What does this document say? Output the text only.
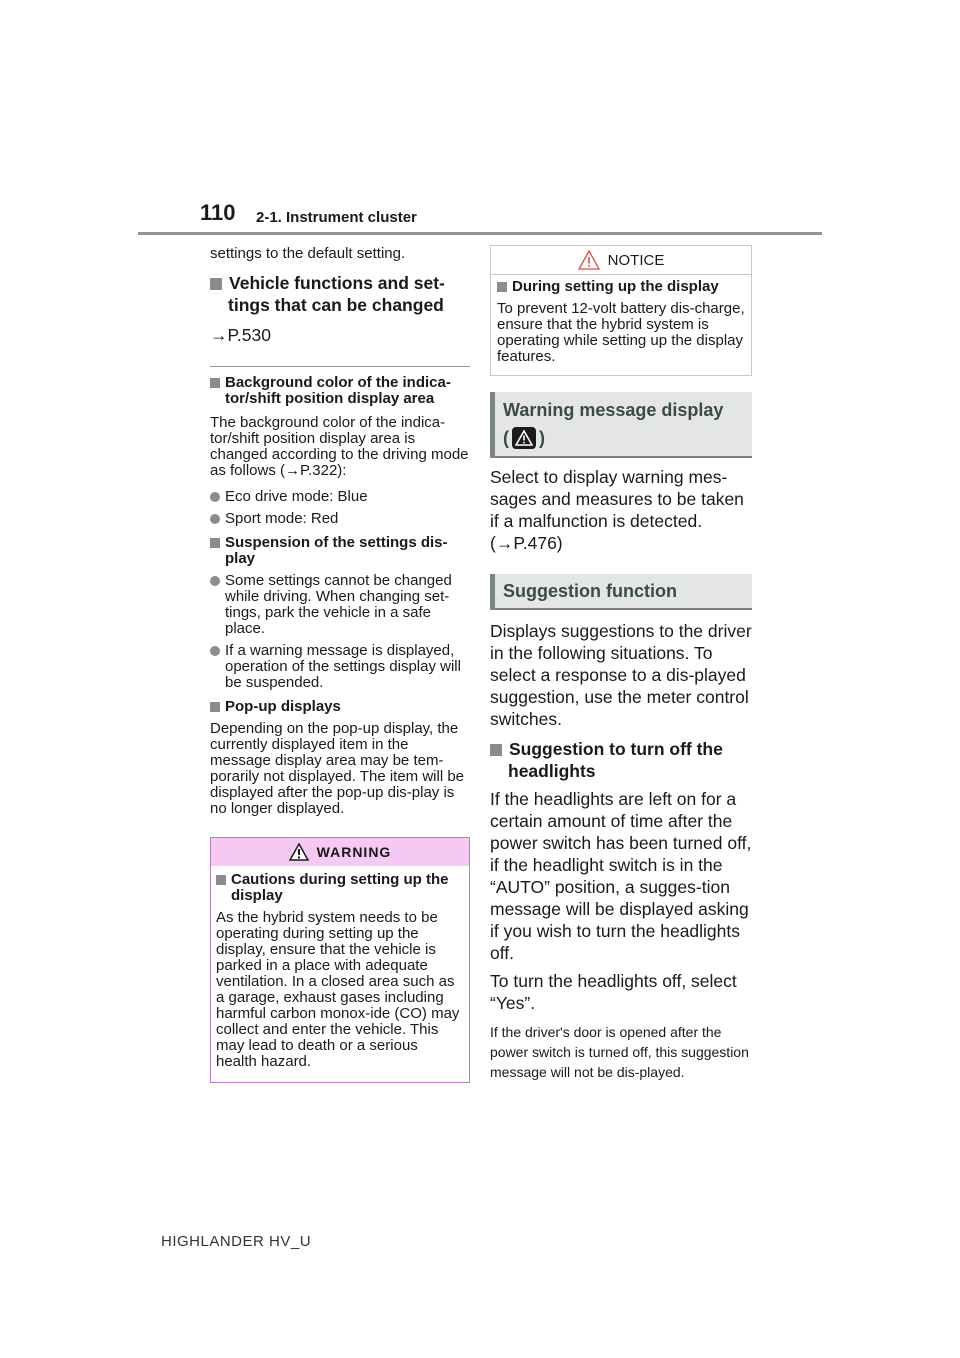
110 2-1. Instrument cluster

settings to the default setting.

Vehicle functions and set-tings that can be changed

→P.530

Background color of the indica-tor/shift position display area

The background color of the indica-tor/shift position display area is changed according to the driving mode as follows (→P.322):

Eco drive mode: Blue
Sport mode: Red

Suspension of the settings dis-play

Some settings cannot be changed while driving. When changing set-tings, park the vehicle in a safe place.
If a warning message is displayed, operation of the settings display will be suspended.

Pop-up displays

Depending on the pop-up display, the currently displayed item in the message display area may be tem-porarily not displayed. The item will be displayed after the pop-up dis-play is no longer displayed.

WARNING

Cautions during setting up the display

As the hybrid system needs to be operating during setting up the display, ensure that the vehicle is parked in a place with adequate ventilation. In a closed area such as a garage, exhaust gases including harmful carbon monox-ide (CO) may collect and enter the vehicle. This may lead to death or a serious health hazard.

NOTICE

During setting up the display

To prevent 12-volt battery dis-charge, ensure that the hybrid system is operating while setting up the display features.

Warning message display
( )

Select to display warning mes-sages and measures to be taken if a malfunction is detected. (→P.476)

Suggestion function

Displays suggestions to the driver in the following situations. To select a response to a dis-played suggestion, use the meter control switches.

Suggestion to turn off the headlights

If the headlights are left on for a certain amount of time after the power switch has been turned off, if the headlight switch is in the “AUTO” position, a sugges-tion message will be displayed asking if you wish to turn the headlights off.

To turn the headlights off, select “Yes”.

If the driver's door is opened after the power switch is turned off, this suggestion message will not be dis-played.

HIGHLANDER HV_U
